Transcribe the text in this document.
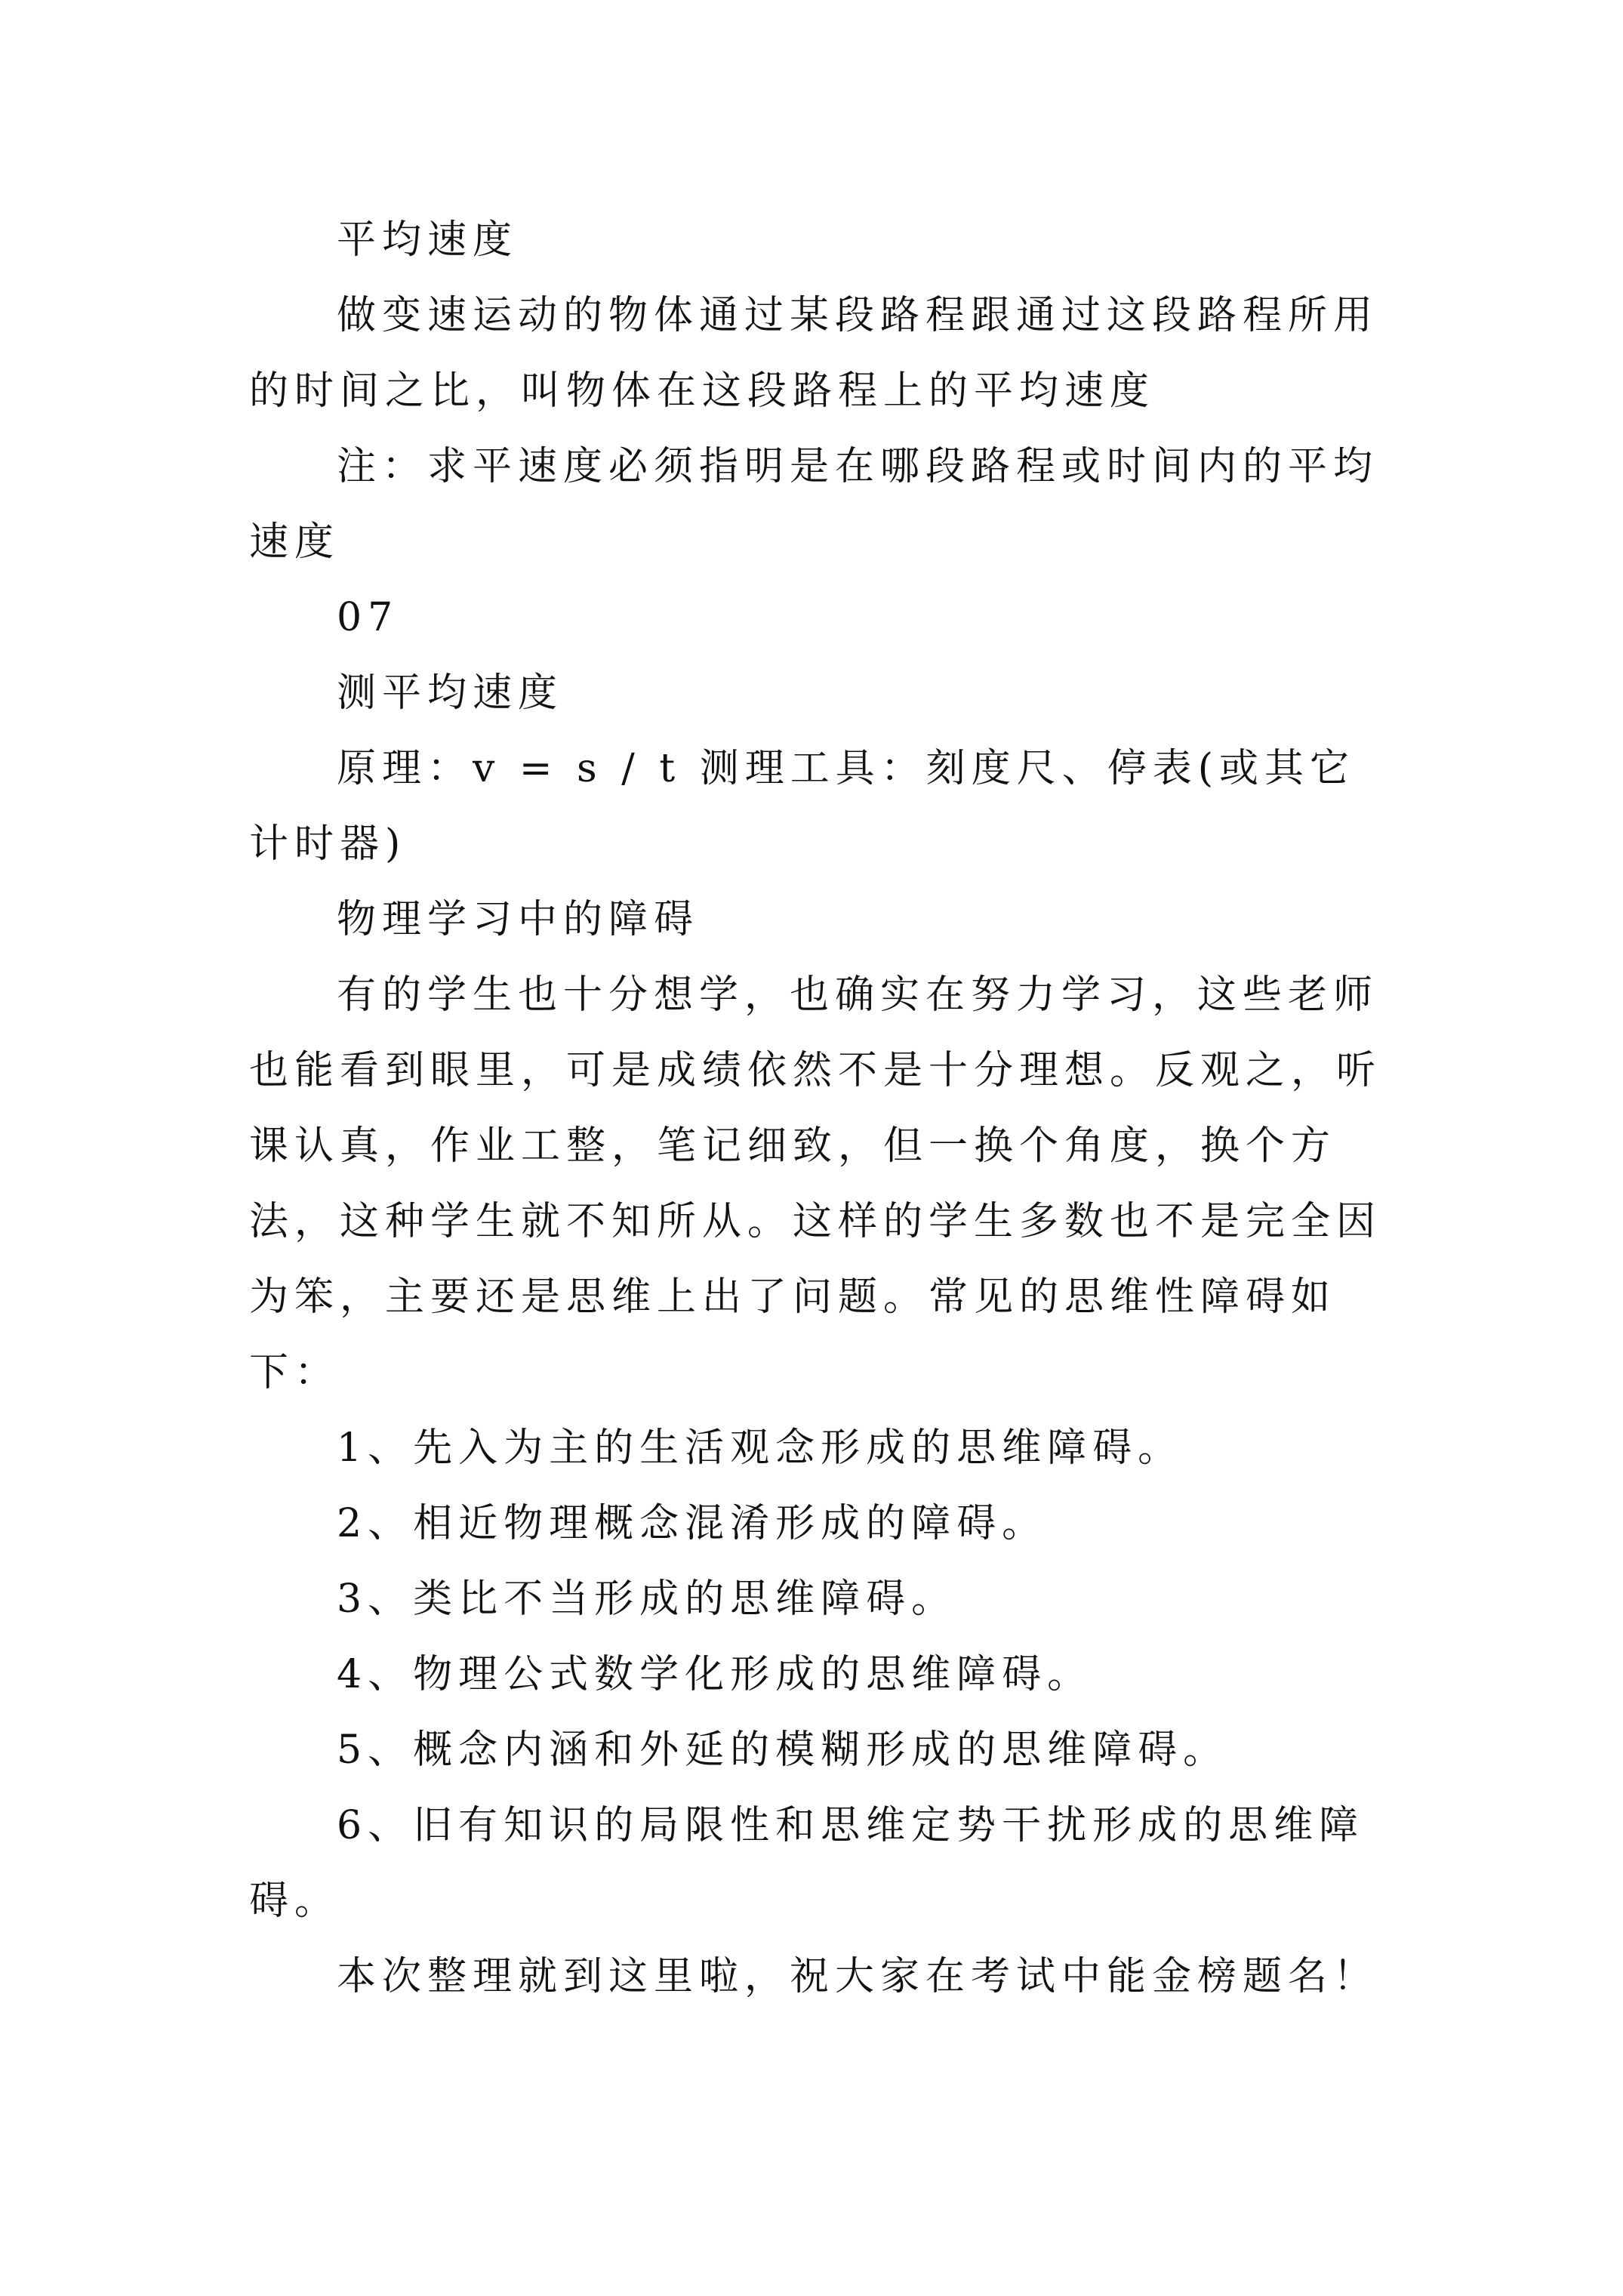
平均速度

做变速运动的物体通过某段路程跟通过这段路程所用的时间之比，叫物体在这段路程上的平均速度

注：求平速度必须指明是在哪段路程或时间内的平均速度

07

测平均速度

原理：v = s / t 测理工具：刻度尺、停表(或其它计时器)

物理学习中的障碍

有的学生也十分想学，也确实在努力学习，这些老师也能看到眼里，可是成绩依然不是十分理想。反观之，听课认真，作业工整，笔记细致，但一换个角度，换个方法，这种学生就不知所从。这样的学生多数也不是完全因为笨，主要还是思维上出了问题。常见的思维性障碍如下：

1、先入为主的生活观念形成的思维障碍。

2、相近物理概念混淆形成的障碍。

3、类比不当形成的思维障碍。

4、物理公式数学化形成的思维障碍。

5、概念内涵和外延的模糊形成的思维障碍。

6、旧有知识的局限性和思维定势干扰形成的思维障碍。

本次整理就到这里啦，祝大家在考试中能金榜题名！
